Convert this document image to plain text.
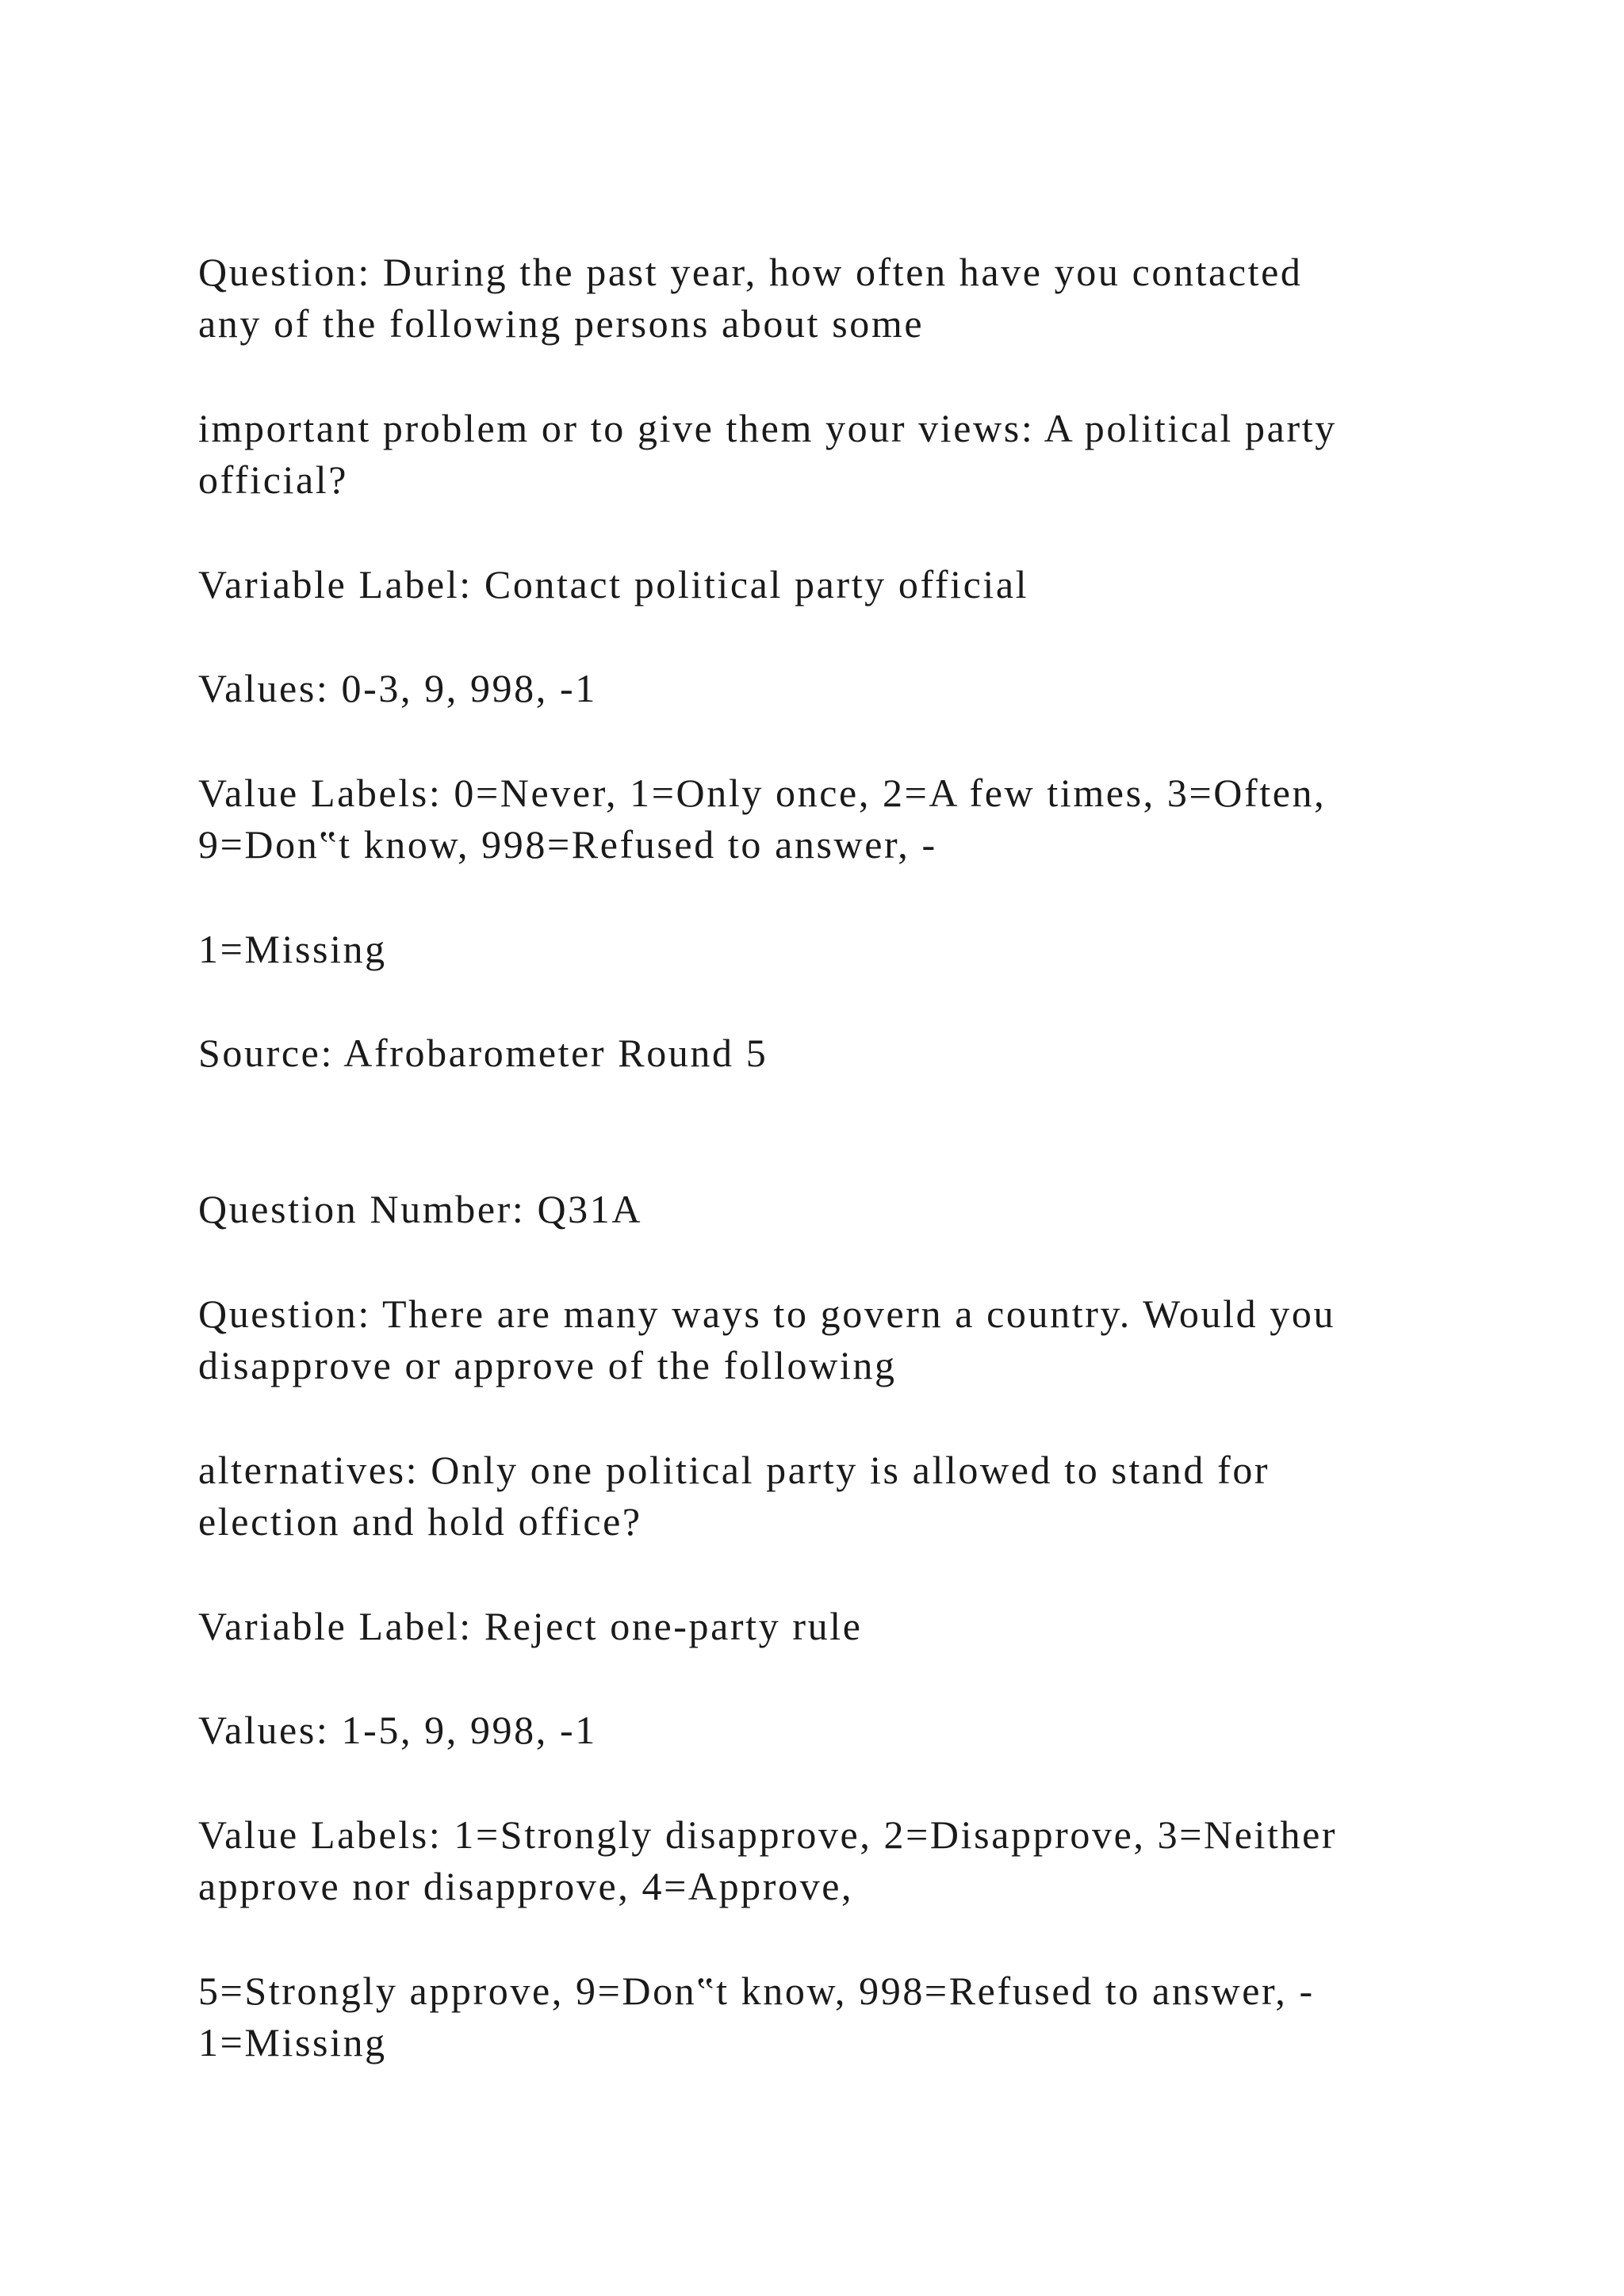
Question: During the past year, how often have you contacted

any of the following persons about some

important problem or to give them your views: A political party

official?

Variable Label: Contact political party official

Values: 0-3, 9, 998, -1

Value Labels: 0=Never, 1=Only once, 2=A few times, 3=Often,

9=Don‟t know, 998=Refused to answer, -

1=Missing

Source: Afrobarometer Round 5

Question Number: Q31A

Question: There are many ways to govern a country. Would you

disapprove or approve of the following

alternatives: Only one political party is allowed to stand for

election and hold office?

Variable Label: Reject one-party rule

Values: 1-5, 9, 998, -1

Value Labels: 1=Strongly disapprove, 2=Disapprove, 3=Neither

approve nor disapprove, 4=Approve,

5=Strongly approve, 9=Don‟t know, 998=Refused to answer, -

1=Missing
